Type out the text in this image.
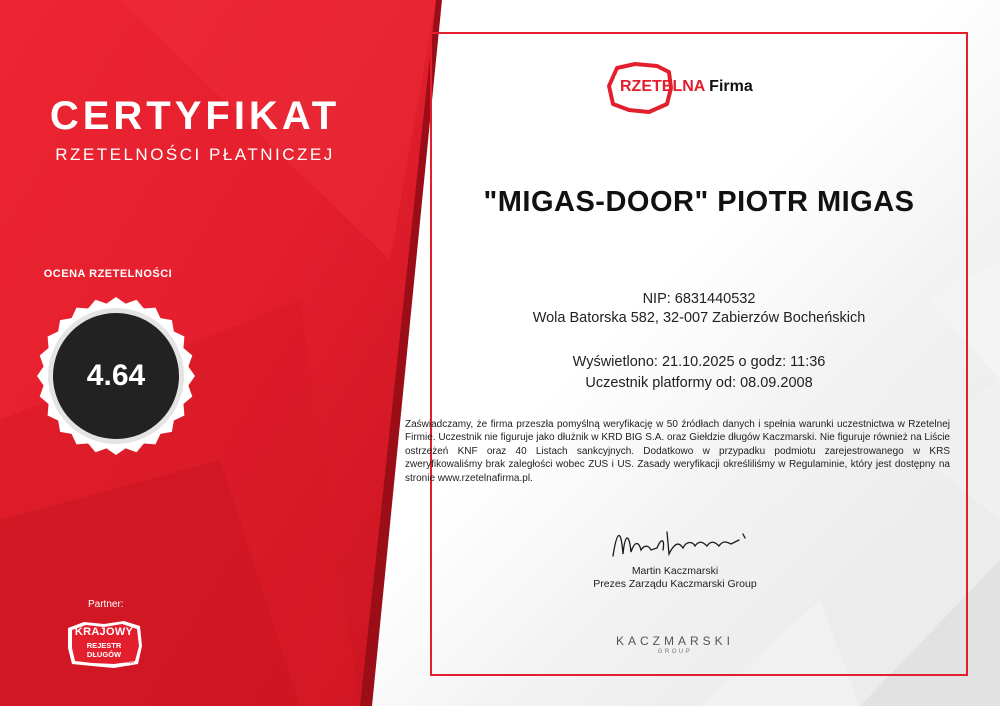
CERTYFIKAT
RZETELNOŚCI PŁATNICZEJ
OCENA RZETELNOŚCI
4.64
Partner:
KRAJOWY
REJESTR DŁUGÓW
www.krd.pl
RZETELNA Firma
"MIGAS-DOOR" PIOTR MIGAS
NIP: 6831440532
Wola Batorska 582, 32-007 Zabierzów Bocheńskich
Wyświetlono: 21.10.2025 o godz: 11:36
Uczestnik platformy od: 08.09.2008
Zaświadczamy, że firma przeszła pomyślną weryfikację w 50 źródłach danych i spełnia warunki uczestnictwa w Rzetelnej Firmie. Uczestnik nie figuruje jako dłużnik w KRD BIG S.A. oraz Giełdzie długów Kaczmarski. Nie figuruje również na Liście ostrzeżeń KNF oraz 40 Listach sankcyjnych. Dodatkowo w przypadku podmiotu zarejestrowanego w KRS zweryfikowaliśmy brak zaległości wobec ZUS i US. Zasady weryfikacji określiliśmy w Regulaminie, który jest dostępny na stronie www.rzetelnafirma.pl.
Martin Kaczmarski
Prezes Zarządu Kaczmarski Group
KACZMARSKI
GROUP
